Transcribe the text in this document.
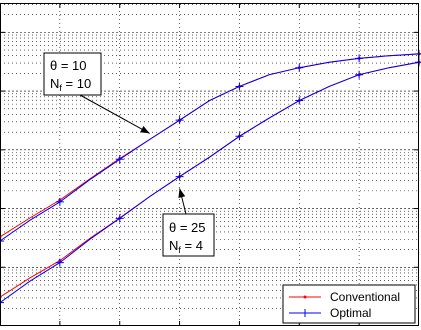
θ = 10
$N_f = 10$
θ = 25
$N_f = 4$
Conventional
Optimal
